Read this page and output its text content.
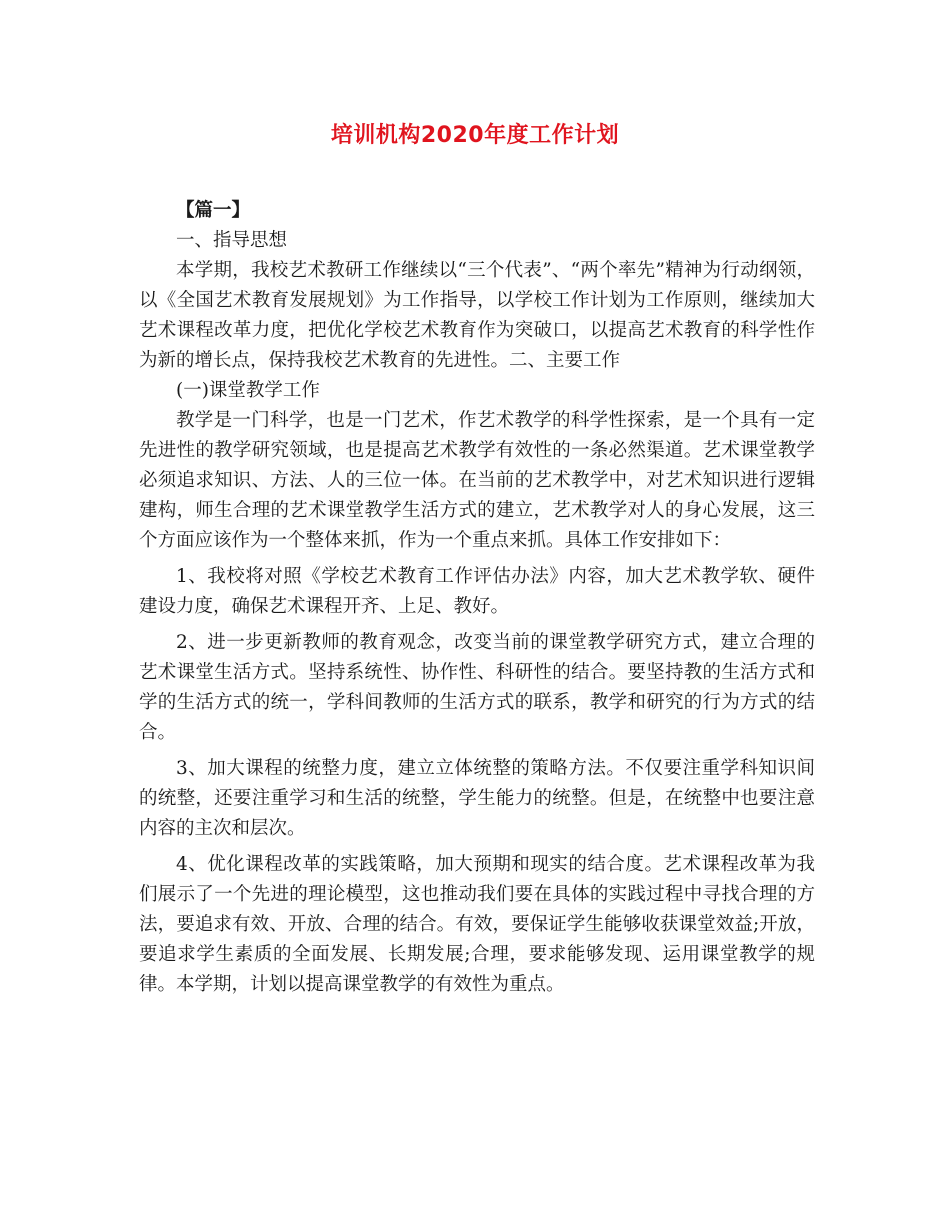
培训机构2020年度工作计划

【篇一】

一、指导思想

本学期，我校艺术教研工作继续以“三个代表”、“两个率先”精神为行动纲领，以《全国艺术教育发展规划》为工作指导，以学校工作计划为工作原则，继续加大艺术课程改革力度，把优化学校艺术教育作为突破口，以提高艺术教育的科学性作为新的增长点，保持我校艺术教育的先进性。二、主要工作

(一)课堂教学工作

教学是一门科学，也是一门艺术，作艺术教学的科学性探索，是一个具有一定先进性的教学研究领域，也是提高艺术教学有效性的一条必然渠道。艺术课堂教学必须追求知识、方法、人的三位一体。在当前的艺术教学中，对艺术知识进行逻辑建构，师生合理的艺术课堂教学生活方式的建立，艺术教学对人的身心发展，这三个方面应该作为一个整体来抓，作为一个重点来抓。具体工作安排如下：

1、我校将对照《学校艺术教育工作评估办法》内容，加大艺术教学软、硬件建设力度，确保艺术课程开齐、上足、教好。

2、进一步更新教师的教育观念，改变当前的课堂教学研究方式，建立合理的艺术课堂生活方式。坚持系统性、协作性、科研性的结合。要坚持教的生活方式和学的生活方式的统一，学科间教师的生活方式的联系，教学和研究的行为方式的结合。

3、加大课程的统整力度，建立立体统整的策略方法。不仅要注重学科知识间的统整，还要注重学习和生活的统整，学生能力的统整。但是，在统整中也要注意内容的主次和层次。

4、优化课程改革的实践策略，加大预期和现实的结合度。艺术课程改革为我们展示了一个先进的理论模型，这也推动我们要在具体的实践过程中寻找合理的方法，要追求有效、开放、合理的结合。有效，要保证学生能够收获课堂效益;开放，要追求学生素质的全面发展、长期发展;合理，要求能够发现、运用课堂教学的规律。本学期，计划以提高课堂教学的有效性为重点。
